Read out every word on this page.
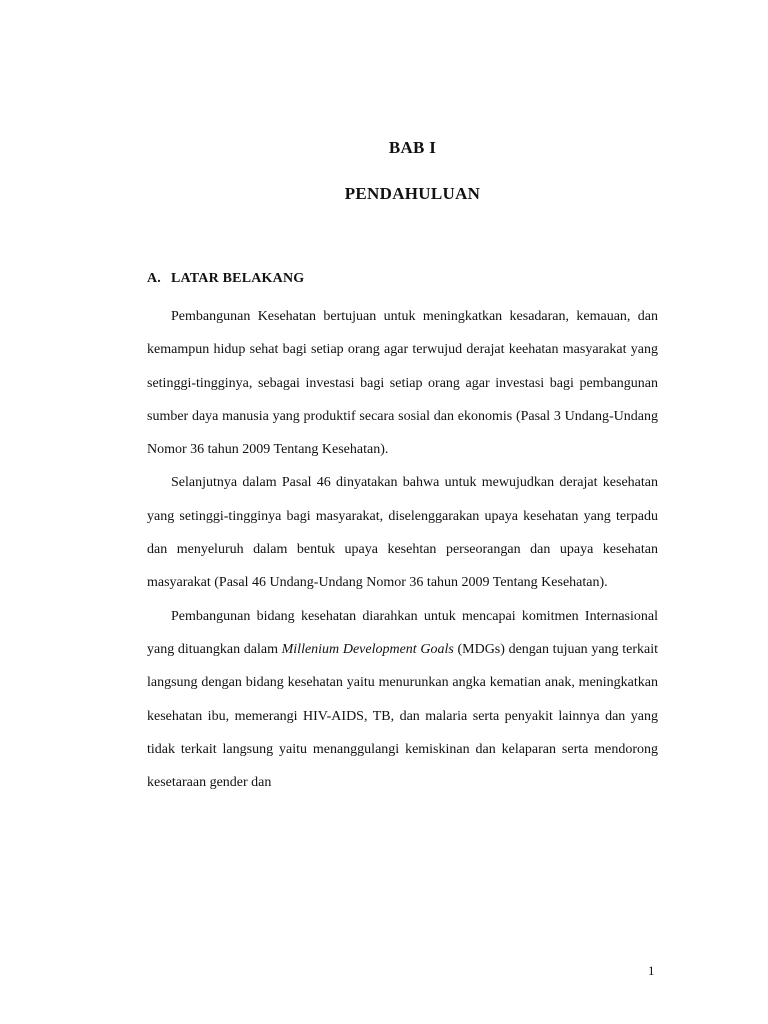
BAB I
PENDAHULUAN
A. LATAR BELAKANG

Pembangunan Kesehatan bertujuan untuk meningkatkan kesadaran, kemauan, dan kemampun hidup sehat bagi setiap orang agar terwujud derajat keehatan masyarakat yang setinggi-tingginya, sebagai investasi bagi setiap orang agar investasi bagi pembangunan sumber daya manusia yang produktif secara sosial dan ekonomis (Pasal 3 Undang-Undang Nomor 36 tahun 2009 Tentang Kesehatan).

Selanjutnya dalam Pasal 46 dinyatakan bahwa untuk mewujudkan derajat kesehatan yang setinggi-tingginya bagi masyarakat, diselenggarakan upaya kesehatan yang terpadu dan menyeluruh dalam bentuk upaya kesehtan perseorangan dan upaya kesehatan masyarakat (Pasal 46 Undang-Undang Nomor 36 tahun 2009 Tentang Kesehatan).

Pembangunan bidang kesehatan diarahkan untuk mencapai komitmen Internasional yang dituangkan dalam Millenium Development Goals (MDGs) dengan tujuan yang terkait langsung dengan bidang kesehatan yaitu menurunkan angka kematian anak, meningkatkan kesehatan ibu, memerangi HIV-AIDS, TB, dan malaria serta penyakit lainnya dan yang tidak terkait langsung yaitu menanggulangi kemiskinan dan kelaparan serta mendorong kesetaraan gender dan

1
